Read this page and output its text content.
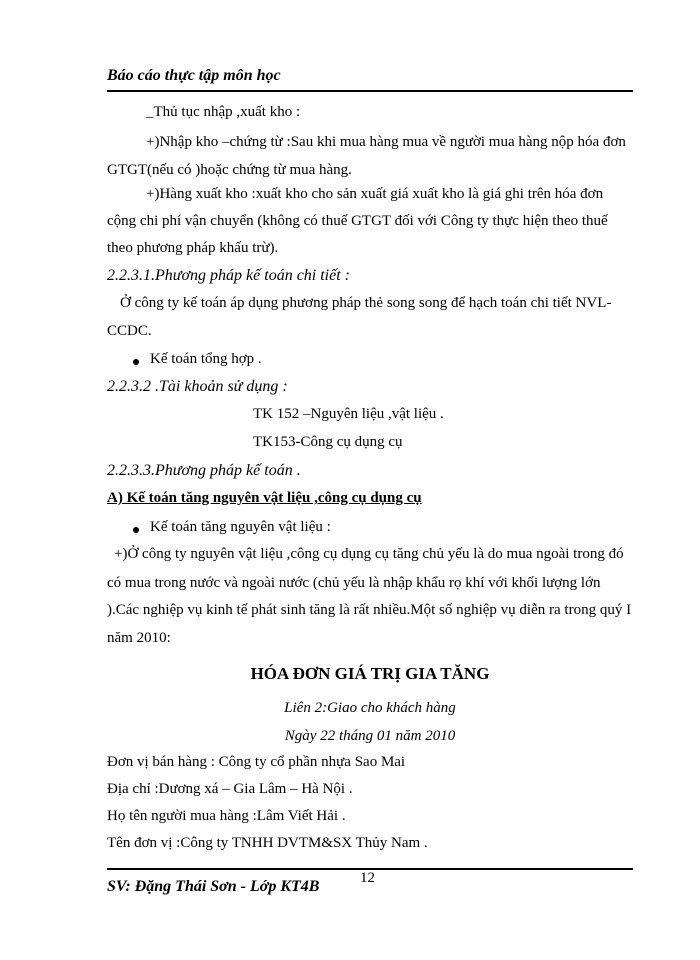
Báo cáo thực tập môn học
_Thủ tục nhập ,xuất kho :
+)Nhập kho –chứng từ :Sau khi mua hàng mua về người mua hàng nộp hóa đơn
GTGT(nếu có )hoặc chứng từ mua hàng.
+)Hàng xuất kho :xuất kho cho sản xuất giá xuất kho là giá ghi trên hóa đơn
cộng chi phí vận chuyển (không có thuế GTGT đối với Công ty thực hiện theo thuế
theo phương pháp khấu trừ).
2.2.3.1.Phương pháp kế toán chi tiết :
Ở công ty kế toán áp dụng phương pháp thẻ song song để hạch toán chi tiết NVL-
CCDC.
Kế toán tổng hợp .
2.2.3.2 .Tài khoản sử dụng :
TK 152 –Nguyên liệu ,vật liệu .
TK153-Công cụ dụng cụ
2.2.3.3.Phương pháp kế toán .
A) Kế toán tăng nguyên vật liệu ,công cụ dụng cụ
Kế toán tăng nguyên vật liệu :
+)Ở công ty nguyên vật liệu ,công cụ dụng cụ tăng chủ yếu là do mua ngoài trong đó
có mua trong nước và ngoài nước (chủ yếu là nhập khẩu rọ khí với khối lượng lớn
).Các nghiệp vụ kinh tế phát sinh tăng là rất nhiều.Một số nghiệp vụ diễn ra trong quý I
năm 2010:
HÓA ĐƠN GIÁ TRỊ GIA TĂNG
Liên 2:Giao cho khách hàng
Ngày 22 tháng 01 năm 2010
Đơn vị bán hàng : Công ty cổ phần nhựa Sao Mai
Địa chỉ :Dương xá – Gia Lâm – Hà Nội .
Họ tên người mua hàng :Lâm Viết Hải .
Tên đơn vị :Công ty TNHH DVTM&SX Thủy Nam .
SV: Đặng Thái Sơn - Lớp KT4B	12
